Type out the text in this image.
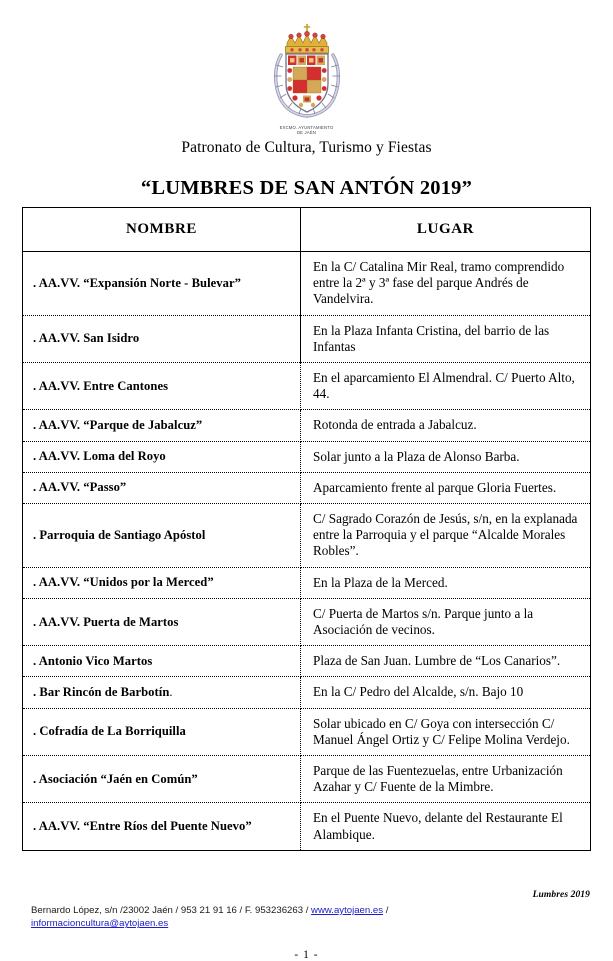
EXCMO. AYUNTAMIENTO
DE JAÉN
Patronato de Cultura, Turismo y Fiestas
“LUMBRES DE SAN ANTÓN 2019”
NOMBRE	LUGAR
. AA.VV. “Expansión Norte - Bulevar”	En la C/ Catalina Mir Real, tramo comprendido entre la 2ª y 3ª fase del parque Andrés de Vandelvira.
. AA.VV. San Isidro	En la Plaza Infanta Cristina, del barrio de las Infantas
. AA.VV. Entre Cantones	En el aparcamiento El Almendral. C/ Puerto Alto, 44.
. AA.VV. “Parque de Jabalcuz”	Rotonda de entrada a Jabalcuz.
. AA.VV. Loma del Royo	Solar junto a la Plaza de Alonso Barba.
. AA.VV. “Passo”	Aparcamiento frente al parque Gloria Fuertes.
. Parroquia de Santiago Apóstol	C/ Sagrado Corazón de Jesús, s/n, en la explanada entre la Parroquia y el parque “Alcalde Morales Robles”.
. AA.VV. “Unidos por la Merced”	En la Plaza de la Merced.
. AA.VV. Puerta de Martos	C/ Puerta de Martos s/n. Parque junto a la Asociación de vecinos.
. Antonio Vico Martos	Plaza de San Juan. Lumbre de “Los Canarios”.
. Bar Rincón de Barbotín.	En la C/ Pedro del Alcalde, s/n. Bajo 10
. Cofradía de La Borriquilla	Solar ubicado en C/ Goya con intersección C/ Manuel Ángel Ortiz y C/ Felipe Molina Verdejo.
. Asociación “Jaén en Común”	Parque de las Fuentezuelas, entre Urbanización Azahar y C/ Fuente de la Mimbre.
. AA.VV. “Entre Ríos del Puente Nuevo”	En el Puente Nuevo, delante del Restaurante El Alambique.
Lumbres 2019
Bernardo López, s/n /23002 Jaén / 953 21 91 16 / F. 953236263 / www.aytojaen.es /
informacioncultura@aytojaen.es
- 1 -
